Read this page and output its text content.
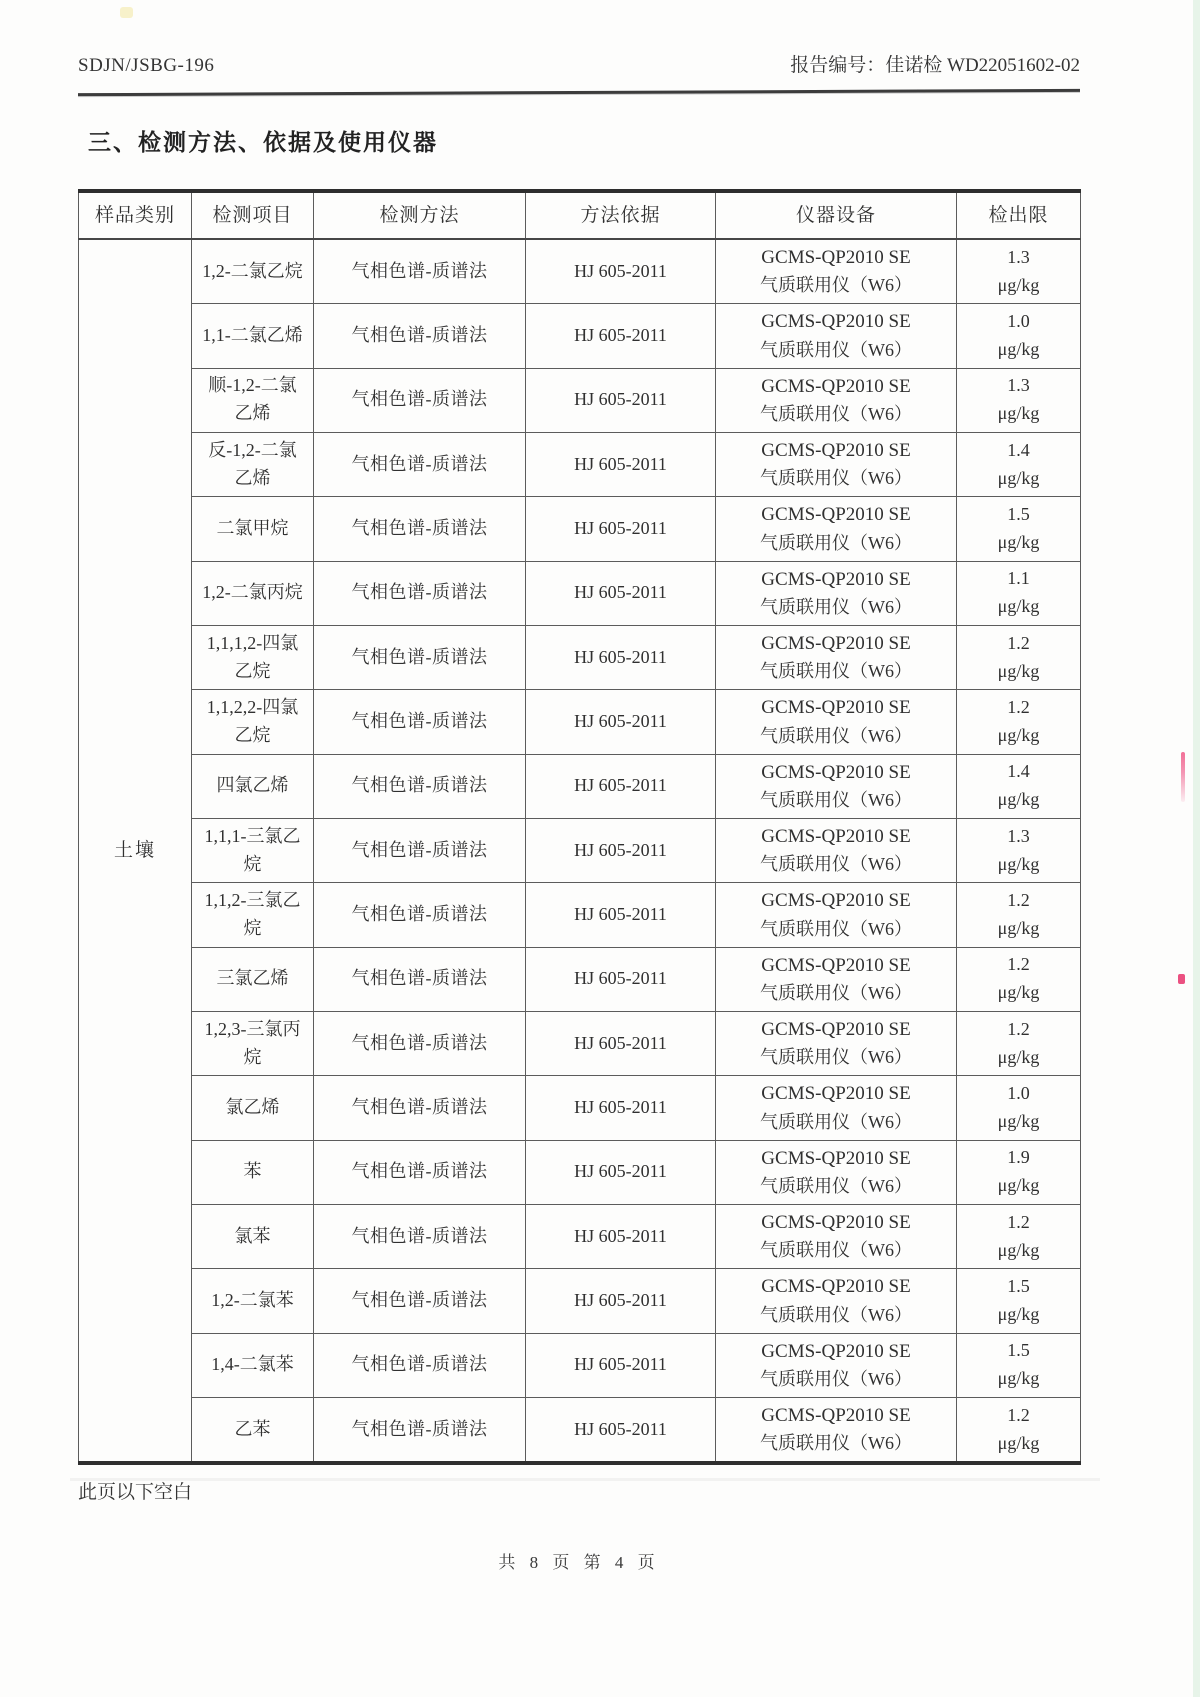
SDJN/JSBG-196	报告编号：佳诺检 WD22051602-02
三、检测方法、依据及使用仪器
样品类别	检测项目	检测方法	方法依据	仪器设备	检出限
土壤	1,2-二氯乙烷	气相色谱-质谱法	HJ 605-2011	GCMS-QP2010 SE
气质联用仪（W6）	1.3
μg/kg

	1,1-二氯乙烯	气相色谱-质谱法	HJ 605-2011	GCMS-QP2010 SE
气质联用仪（W6）	1.0
μg/kg

	顺-1,2-二氯乙烯	气相色谱-质谱法	HJ 605-2011	GCMS-QP2010 SE
气质联用仪（W6）	1.3
μg/kg

	反-1,2-二氯乙烯	气相色谱-质谱法	HJ 605-2011	GCMS-QP2010 SE
气质联用仪（W6）	1.4
μg/kg

	二氯甲烷	气相色谱-质谱法	HJ 605-2011	GCMS-QP2010 SE
气质联用仪（W6）	1.5
μg/kg

	1,2-二氯丙烷	气相色谱-质谱法	HJ 605-2011	GCMS-QP2010 SE
气质联用仪（W6）	1.1
μg/kg

	1,1,1,2-四氯乙烷	气相色谱-质谱法	HJ 605-2011	GCMS-QP2010 SE
气质联用仪（W6）	1.2
μg/kg

	1,1,2,2-四氯乙烷	气相色谱-质谱法	HJ 605-2011	GCMS-QP2010 SE
气质联用仪（W6）	1.2
μg/kg

	四氯乙烯	气相色谱-质谱法	HJ 605-2011	GCMS-QP2010 SE
气质联用仪（W6）	1.4
μg/kg

	1,1,1-三氯乙烷	气相色谱-质谱法	HJ 605-2011	GCMS-QP2010 SE
气质联用仪（W6）	1.3
μg/kg

	1,1,2-三氯乙烷	气相色谱-质谱法	HJ 605-2011	GCMS-QP2010 SE
气质联用仪（W6）	1.2
μg/kg

	三氯乙烯	气相色谱-质谱法	HJ 605-2011	GCMS-QP2010 SE
气质联用仪（W6）	1.2
μg/kg

	1,2,3-三氯丙烷	气相色谱-质谱法	HJ 605-2011	GCMS-QP2010 SE
气质联用仪（W6）	1.2
μg/kg

	氯乙烯	气相色谱-质谱法	HJ 605-2011	GCMS-QP2010 SE
气质联用仪（W6）	1.0
μg/kg

	苯	气相色谱-质谱法	HJ 605-2011	GCMS-QP2010 SE
气质联用仪（W6）	1.9
μg/kg

	氯苯	气相色谱-质谱法	HJ 605-2011	GCMS-QP2010 SE
气质联用仪（W6）	1.2
μg/kg

	1,2-二氯苯	气相色谱-质谱法	HJ 605-2011	GCMS-QP2010 SE
气质联用仪（W6）	1.5
μg/kg

	1,4-二氯苯	气相色谱-质谱法	HJ 605-2011	GCMS-QP2010 SE
气质联用仪（W6）	1.5
μg/kg

	乙苯	气相色谱-质谱法	HJ 605-2011	GCMS-QP2010 SE
气质联用仪（W6）	1.2
μg/kg
此页以下空白
共 8 页 第 4 页
